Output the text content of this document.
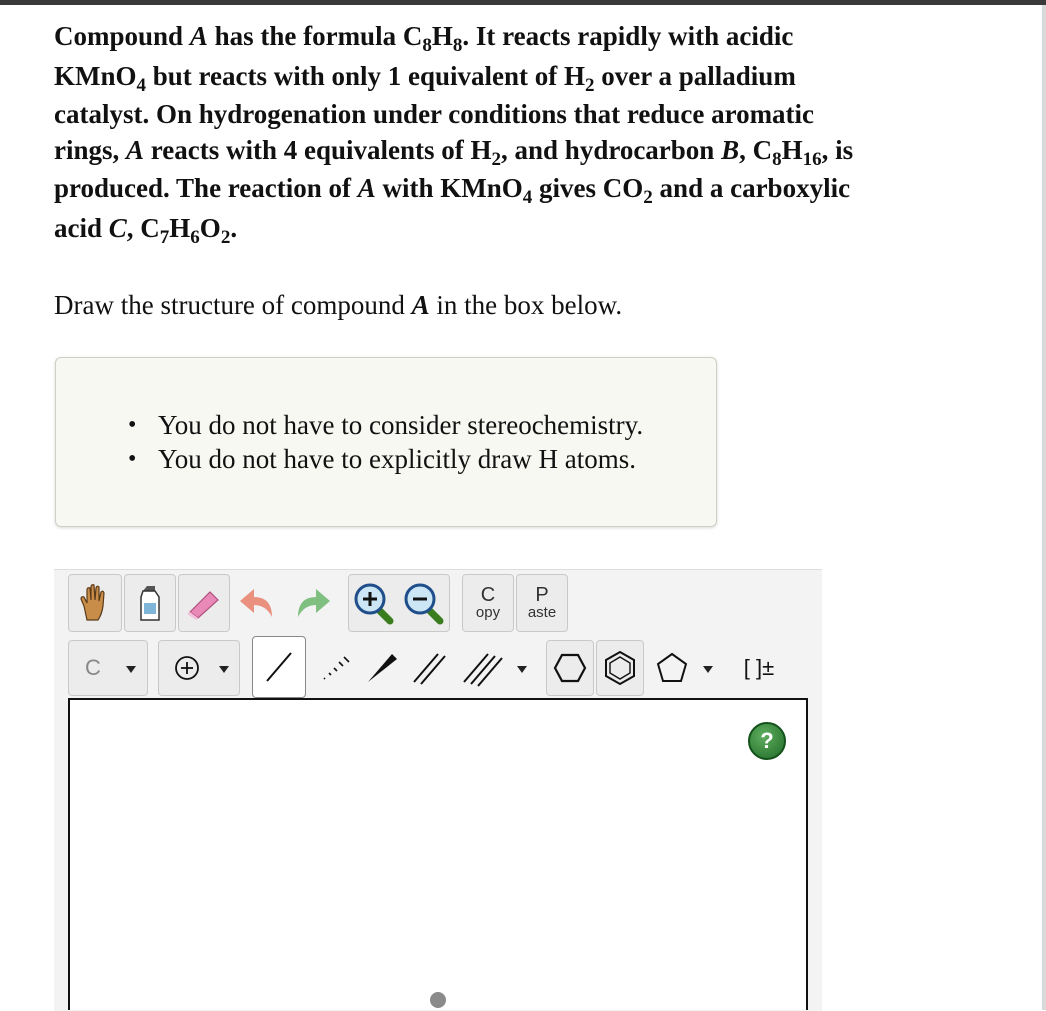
Compound A has the formula $C_8H_8$. It reacts rapidly with acidic
KMnO$_4$ but reacts with only 1 equivalent of $H_2$ over a palladium
catalyst. On hydrogenation under conditions that reduce aromatic
rings, A reacts with 4 equivalents of $H_2$, and hydrocarbon B, $C_8H_{16}$, is
produced. The reaction of A with KMnO$_4$ gives $CO_2$ and a carboxylic
acid C, $C_7H_6O_2$.
Draw the structure of compound A in the box below.
• You do not have to consider stereochemistry.
• You do not have to explicitly draw H atoms.
C
opy
P
aste
C	[ ]±
?
